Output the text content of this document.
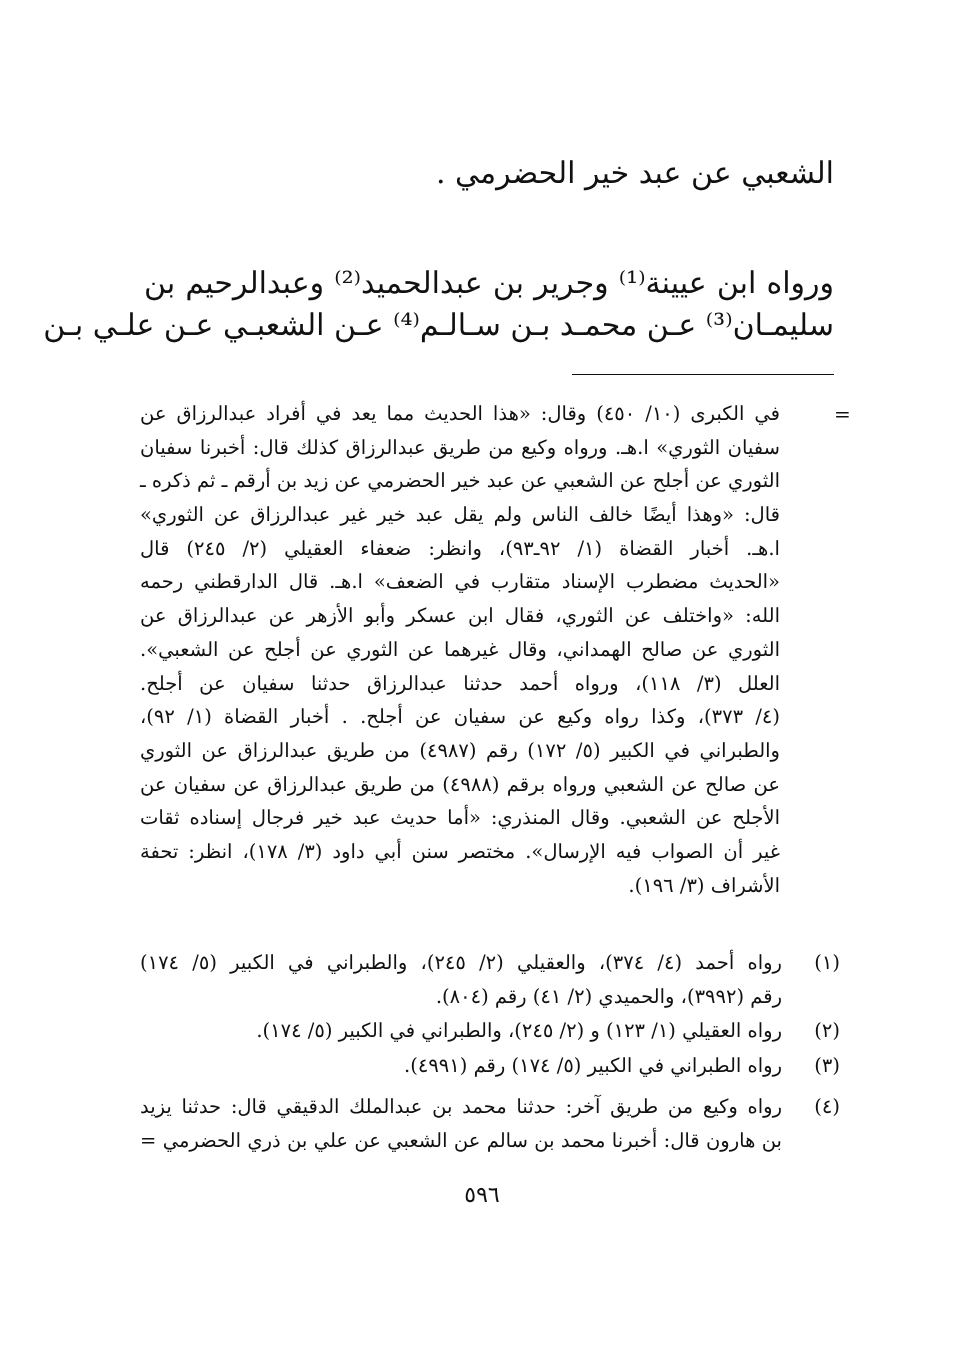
الشعبي عن عبد خير الحضرمي .
ورواه ابن عيينة⁽¹⁾ وجرير بن عبدالحميد⁽²⁾ وعبدالرحيم بن
سليمـان⁽³⁾ عـن محمـد بـن سـالـم⁽⁴⁾ عـن الشعبـي عـن علـي بـن
=
في الكبرى (١٠/ ٤٥٠) وقال: «هذا الحديث مما يعد في أفراد عبدالرزاق عن
سفيان الثوري» ا.هـ. ورواه وكيع من طريق عبدالرزاق كذلك قال: أخبرنا سفيان
الثوري عن أجلح عن الشعبي عن عبد خير الحضرمي عن زيد بن أرقم ـ ثم ذكره ـ
قال: «وهذا أيضًا خالف الناس ولم يقل عبد خير غير عبدالرزاق عن الثوري»
ا.هـ. أخبار القضاة (١/ ٩٢ـ٩٣)، وانظر: ضعفاء العقيلي (٢/ ٢٤٥) قال
«الحديث مضطرب الإسناد متقارب في الضعف» ا.هـ. قال الدارقطني رحمه
الله: «واختلف عن الثوري، فقال ابن عسكر وأبو الأزهر عن عبدالرزاق عن
الثوري عن صالح الهمداني، وقال غيرهما عن الثوري عن أجلح عن الشعبي».
العلل (٣/ ١١٨)، ورواه أحمد حدثنا عبدالرزاق حدثنا سفيان عن أجلح.
(٤/ ٣٧٣)، وكذا رواه وكيع عن سفيان عن أجلح. . أخبار القضاة (١/ ٩٢)،
والطبراني في الكبير (٥/ ١٧٢) رقم (٤٩٨٧) من طريق عبدالرزاق عن الثوري
عن صالح عن الشعبي ورواه برقم (٤٩٨٨) من طريق عبدالرزاق عن سفيان عن
الأجلح عن الشعبي. وقال المنذري: «أما حديث عبد خير فرجال إسناده ثقات
غير أن الصواب فيه الإرسال». مختصر سنن أبي داود (٣/ ١٧٨)، انظر: تحفة
الأشراف (٣/ ١٩٦).
(١)
رواه أحمد (٤/ ٣٧٤)، والعقيلي (٢/ ٢٤٥)، والطبراني في الكبير (٥/ ١٧٤)
رقم (٣٩٩٢)، والحميدي (٢/ ٤١) رقم (٨٠٤).
(٢)
رواه العقيلي (١/ ١٢٣) و (٢/ ٢٤٥)، والطبراني في الكبير (٥/ ١٧٤).
(٣)
رواه الطبراني في الكبير (٥/ ١٧٤) رقم (٤٩٩١).
(٤)
رواه وكيع من طريق آخر: حدثنا محمد بن عبدالملك الدقيقي قال: حدثنا يزيد
بن هارون قال: أخبرنا محمد بن سالم عن الشعبي عن علي بن ذري الحضرمي =
٥٩٦
